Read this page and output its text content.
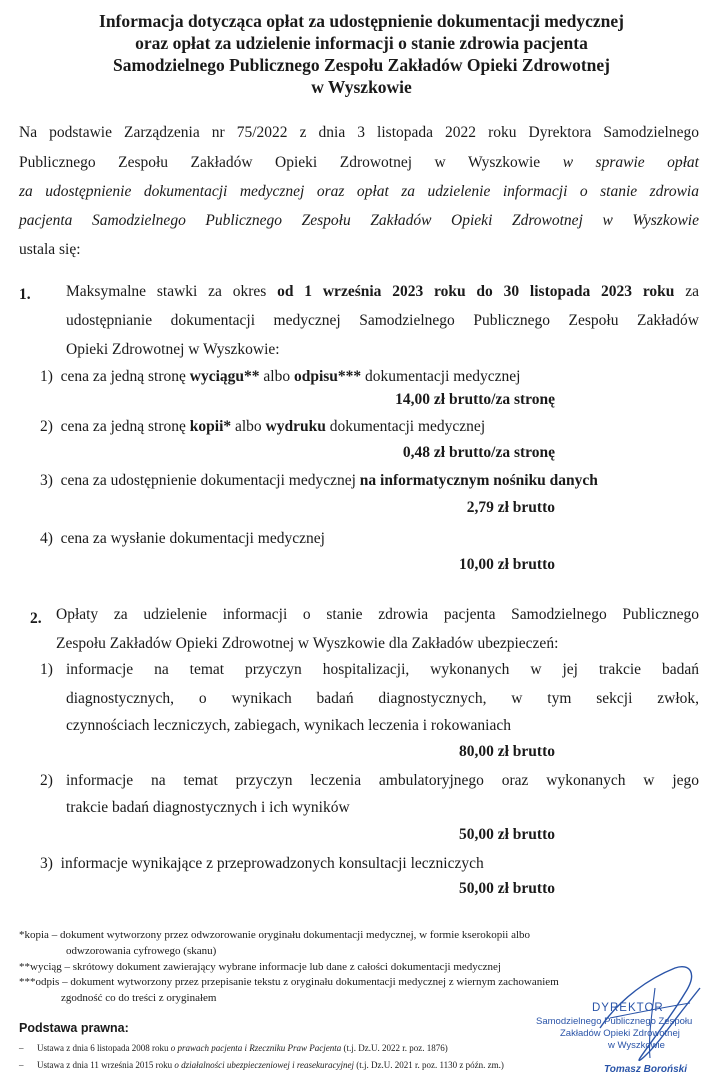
Informacja dotycząca opłat za udostępnienie dokumentacji medycznej
oraz opłat za udzielenie informacji o stanie zdrowia pacjenta
Samodzielnego Publicznego Zespołu Zakładów Opieki Zdrowotnej
w Wyszkowie
Na podstawie Zarządzenia nr 75/2022 z dnia 3 listopada 2022 roku Dyrektora Samodzielnego
Publicznego Zespołu Zakładów Opieki Zdrowotnej w Wyszkowie w sprawie opłat
za udostępnienie dokumentacji medycznej oraz opłat za udzielenie informacji o stanie zdrowia
pacjenta Samodzielnego Publicznego Zespołu Zakładów Opieki Zdrowotnej w Wyszkowie
ustala się:
1. Maksymalne stawki za okres od 1 września 2023 roku do 30 listopada 2023 roku za
udostępnianie dokumentacji medycznej Samodzielnego Publicznego Zespołu Zakładów
Opieki Zdrowotnej w Wyszkowie:
1) cena za jedną stronę wyciągu** albo odpisu*** dokumentacji medycznej
14,00 zł brutto/za stronę
2) cena za jedną stronę kopii* albo wydruku dokumentacji medycznej
0,48 zł brutto/za stronę
3) cena za udostępnienie dokumentacji medycznej na informatycznym nośniku danych
2,79 zł brutto
4) cena za wysłanie dokumentacji medycznej
10,00 zł brutto
2. Opłaty za udzielenie informacji o stanie zdrowia pacjenta Samodzielnego Publicznego
Zespołu Zakładów Opieki Zdrowotnej w Wyszkowie dla Zakładów ubezpieczeń:
1) informacje na temat przyczyn hospitalizacji, wykonanych w jej trakcie badań
diagnostycznych, o wynikach badań diagnostycznych, w tym sekcji zwłok,
czynnościach leczniczych, zabiegach, wynikach leczenia i rokowaniach
80,00 zł brutto
2) informacje na temat przyczyn leczenia ambulatoryjnego oraz wykonanych w jego
trakcie badań diagnostycznych i ich wyników
50,00 zł brutto
3) informacje wynikające z przeprowadzonych konsultacji leczniczych
50,00 zł brutto
*kopia – dokument wytworzony przez odwzorowanie oryginału dokumentacji medycznej, w formie kserokopii albo
odwzorowania cyfrowego (skanu)
**wyciąg – skrótowy dokument zawierający wybrane informacje lub dane z całości dokumentacji medycznej
***odpis – dokument wytworzony przez przepisanie tekstu z oryginału dokumentacji medycznej z wiernym zachowaniem
zgodność co do treści z oryginałem
Podstawa prawna:
– Ustawa z dnia 6 listopada 2008 roku o prawach pacjenta i Rzeczniku Praw Pacjenta (t.j. Dz.U. 2022 r. poz. 1876)
– Ustawa z dnia 11 września 2015 roku o działalności ubezpieczeniowej i reasekuracyjnej (t.j. Dz.U. 2021 r. poz. 1130 z późn. zm.)
DYREKTOR
Samodzielnego Publicznego Zespołu
Zakładów Opieki Zdrowotnej
w Wyszkowie
Tomasz Boroński
